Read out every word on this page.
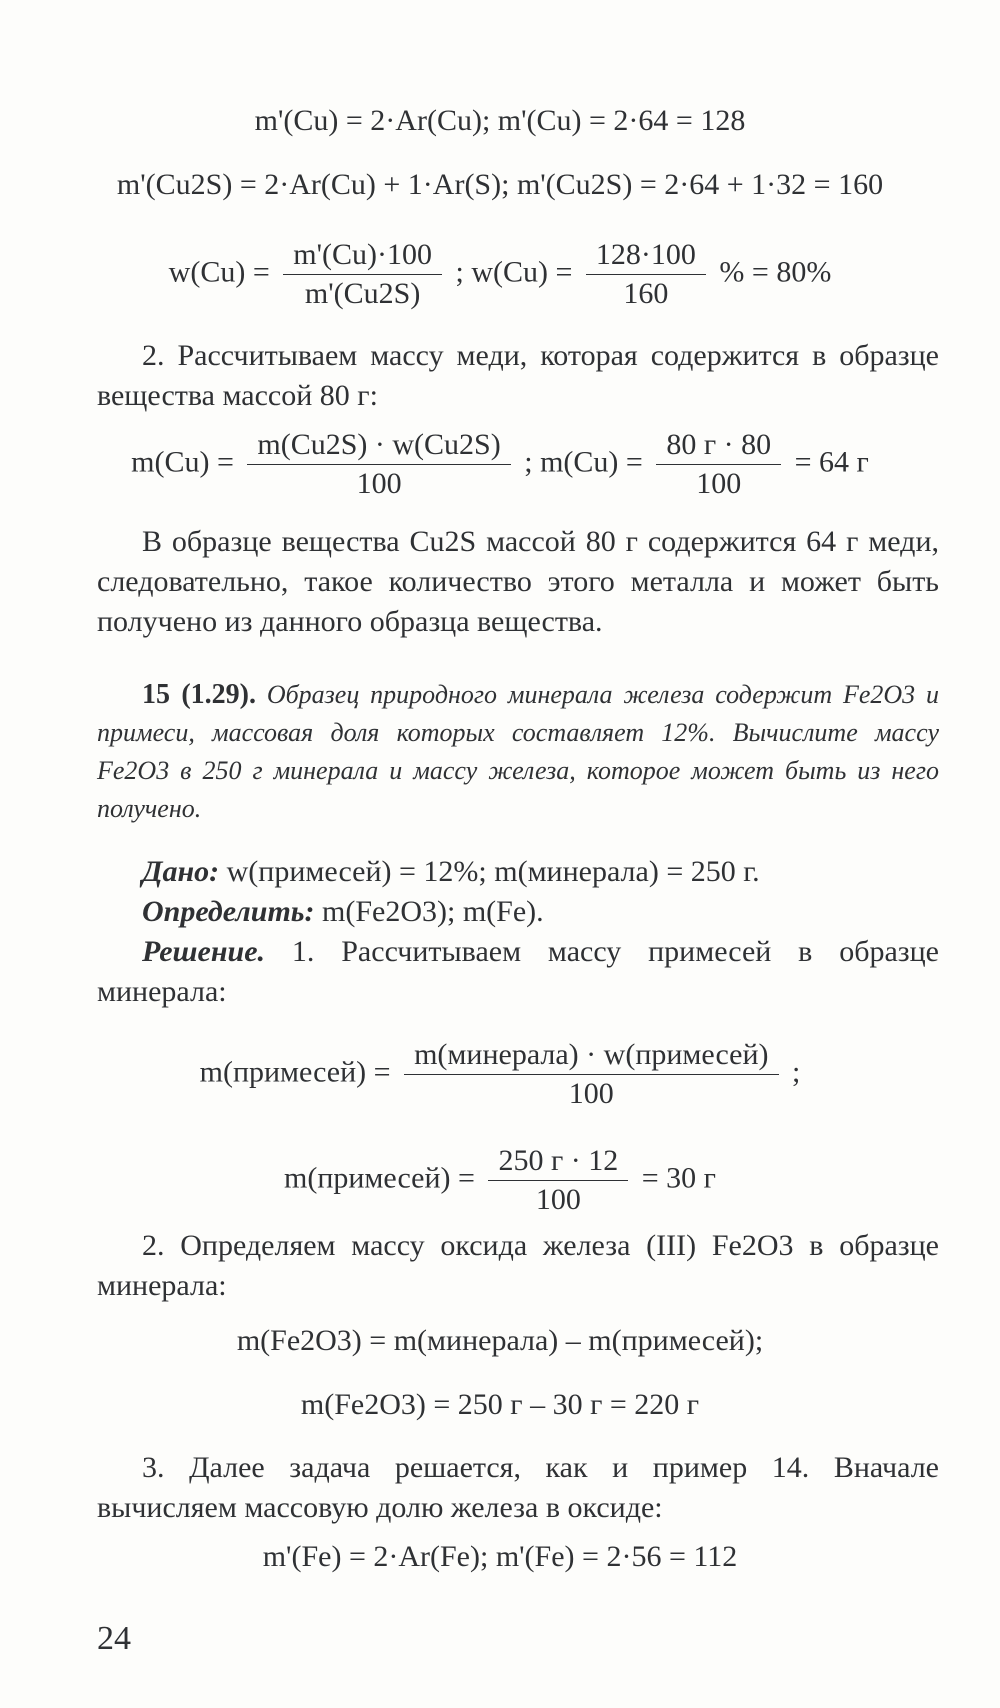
m'(Cu) = 2·Ar(Cu); m'(Cu) = 2·64 = 128
m'(Cu2S) = 2·Ar(Cu) + 1·Ar(S); m'(Cu2S) = 2·64 + 1·32 = 160
$w(Cu) = \frac{m'(Cu)\cdot 100}{m'(Cu2S)}$ ; $w(Cu) = \frac{128\cdot 100}{160}$ % = 80%
2. Рассчитываем массу меди, которая содержится в образце вещества массой 80 г:
$m(Cu) = \frac{m(Cu2S) \cdot w(Cu2S)}{100}$ ; $m(Cu) = \frac{80 г \cdot 80}{100} = 64$ г
В образце вещества Cu2S массой 80 г содержится 64 г меди, следовательно, такое количество этого металла и может быть получено из данного образца вещества.
15 (1.29). Образец природного минерала железа содержит Fe2O3 и примеси, массовая доля которых составляет 12%. Вычислите массу Fe2O3 в 250 г минерала и массу железа, которое может быть из него получено.
Дано: w(примесей) = 12%; m(минерала) = 250 г.
Определить: m(Fe2O3); m(Fe).
Решение. 1. Рассчитываем массу примесей в образце минерала:
m(примесей) = $\frac{\text{m(минерала) · w(примесей)}}{100}$ ;
m(примесей) = $\frac{250 г \cdot 12}{100} = 30$ г
2. Определяем массу оксида железа (III) Fe2O3 в образце минерала:
m(Fe2O3) = m(минерала) – m(примесей);
m(Fe2O3) = 250 г – 30 г = 220 г
3. Далее задача решается, как и пример 14. Вначале вычисляем массовую долю железа в оксиде:
m'(Fe) = 2·Ar(Fe); m'(Fe) = 2·56 = 112
24
